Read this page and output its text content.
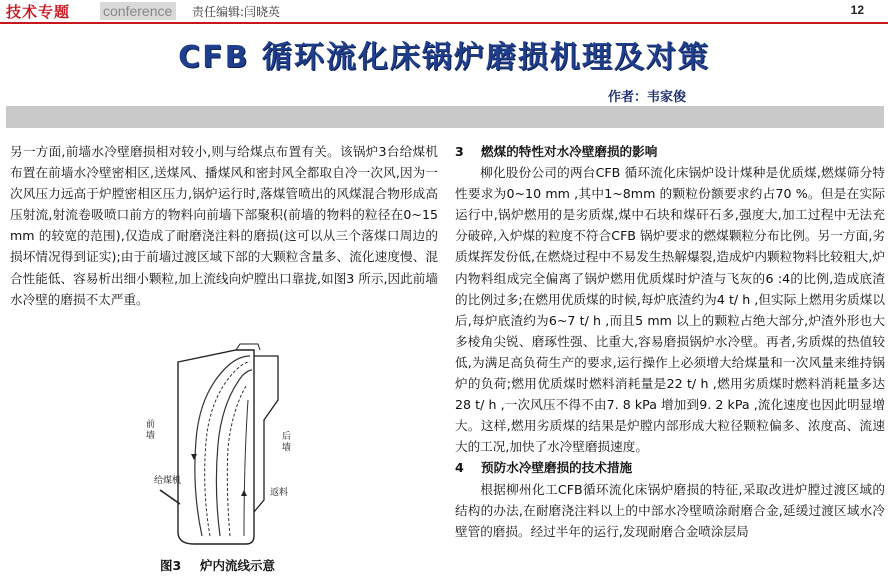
技术专题 conference	责任编辑:闫晓英	12
CFB 循环流化床锅炉磨损机理及对策
作者：韦家俊

另一方面,前墙水冷壁磨损相对较小,则与给煤点布置有关。该锅炉3台给煤机布置在前墙水冷壁密相区,送煤风、播煤风和密封风全都取自冷一次风,因为一次风压力远高于炉膛密相区压力,锅炉运行时,落煤管喷出的风煤混合物形成高压射流,射流卷吸喷口前方的物料向前墙下部聚积(前墙的物料的粒径在0~15 mm 的较宽的范围),仅造成了耐磨浇注料的磨损(这可以从三个落煤口周边的损坏情况得到证实);由于前墙过渡区域下部的大颗粒含量多、流化速度慢、混合性能低、容易析出细小颗粒,加上流线向炉膛出口靠拢,如图3 所示,因此前墙水冷壁的磨损不太严重。

前
墙	后
墙
给煤机
返料
图3 炉内流线示意
3 燃煤的特性对水冷壁磨损的影响

柳化股份公司的两台CFB 循环流化床锅炉设计煤种是优质煤,燃煤筛分特性要求为0~10 mm ,其中1~8mm 的颗粒份额要求约占70 %。但是在实际运行中,锅炉燃用的是劣质煤,煤中石块和煤矸石多,强度大,加工过程中无法充分破碎,入炉煤的粒度不符合CFB 锅炉要求的燃煤颗粒分布比例。另一方面,劣质煤挥发份低,在燃烧过程中不易发生热解爆裂,造成炉内颗粒物料比较粗大,炉内物料组成完全偏离了锅炉燃用优质煤时炉渣与飞灰的6 :4的比例,造成底渣的比例过多;在燃用优质煤的时候,每炉底渣约为4 t/ h ,但实际上燃用劣质煤以后,每炉底渣约为6~7 t/ h ,而且5 mm 以上的颗粒占绝大部分,炉渣外形也大多棱角尖锐、磨琢性强、比重大,容易磨损锅炉水冷壁。再者,劣质煤的热值较低,为满足高负荷生产的要求,运行操作上必须增大给煤量和一次风量来维持锅炉的负荷;燃用优质煤时燃料消耗量是22 t/ h ,燃用劣质煤时燃料消耗量多达28 t/ h ,一次风压不得不由7. 8 kPa 增加到9. 2 kPa ,流化速度也因此明显增大。这样,燃用劣质煤的结果是炉膛内部形成大粒径颗粒偏多、浓度高、流速大的工况,加快了水冷壁磨损速度。

4 预防水冷壁磨损的技术措施

根据柳州化工CFB循环流化床锅炉磨损的特征,采取改进炉膛过渡区域的结构的办法,在耐磨浇注料以上的中部水冷壁喷涂耐磨合金,延缓过渡区域水冷壁管的磨损。经过半年的运行,发现耐磨合金喷涂层局
